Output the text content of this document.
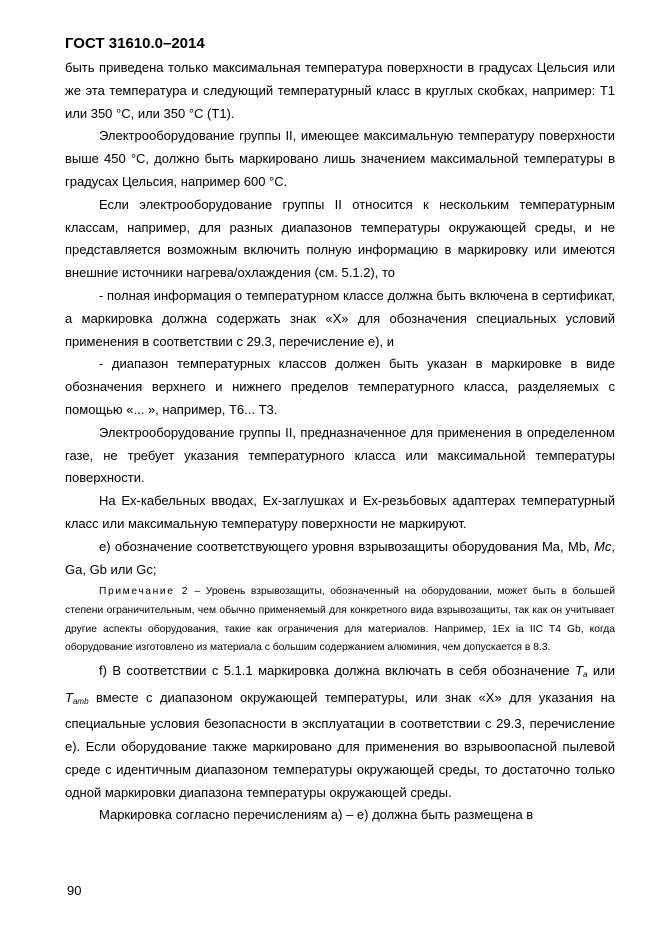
ГОСТ 31610.0–2014

быть приведена только максимальная температура поверхности в градусах Цельсия или же эта температура и следующий температурный класс в круглых скобках, например: Т1 или 350 °С, или 350 °С (Т1).

Электрооборудование группы II, имеющее максимальную температуру поверхности выше 450 °С, должно быть маркировано лишь значением максимальной температуры в градусах Цельсия, например 600 °С.

Если электрооборудование группы II относится к нескольким температурным классам, например, для разных диапазонов температуры окружающей среды, и не представляется возможным включить полную информацию в маркировку или имеются внешние источники нагрева/охлаждения (см. 5.1.2), то

- полная информация о температурном классе должна быть включена в сертификат, а маркировка должна содержать знак «X» для обозначения специальных условий применения в соответствии с 29.3, перечисление е), и

- диапазон температурных классов должен быть указан в маркировке в виде обозначения верхнего и нижнего пределов температурного класса, разделяемых с помощью «... », например, Т6... Т3.

Электрооборудование группы II, предназначенное для применения в определенном газе, не требует указания температурного класса или максимальной температуры поверхности.

На Ex-кабельных вводах, Ex-заглушках и Ex-резьбовых адаптерах температурный класс или максимальную температуру поверхности не маркируют.

e) обозначение соответствующего уровня взрывозащиты оборудования Ma, Mb, Mc, Ga, Gb или Gc;

Примечание 2 – Уровень взрывозащиты, обозначенный на оборудовании, может быть в большей степени ограничительным, чем обычно применяемый для конкретного вида взрывозащиты, так как он учитывает другие аспекты оборудования, такие как ограничения для материалов. Например, 1Ex ia IIC T4 Gb, когда оборудование изготовлено из материала с большим содержанием алюминия, чем допускается в 8.3.

f) В соответствии с 5.1.1 маркировка должна включать в себя обозначение $T_a$ или $T_{amb}$ вместе с диапазоном окружающей температуры, или знак «X» для указания на специальные условия безопасности в эксплуатации в соответствии с 29.3, перечисление е). Если оборудование также маркировано для применения во взрывоопасной пылевой среде с идентичным диапазоном температуры окружающей среды, то достаточно только одной маркировки диапазона температуры окружающей среды.

Маркировка согласно перечислениям а) – е) должна быть размещена в

90
